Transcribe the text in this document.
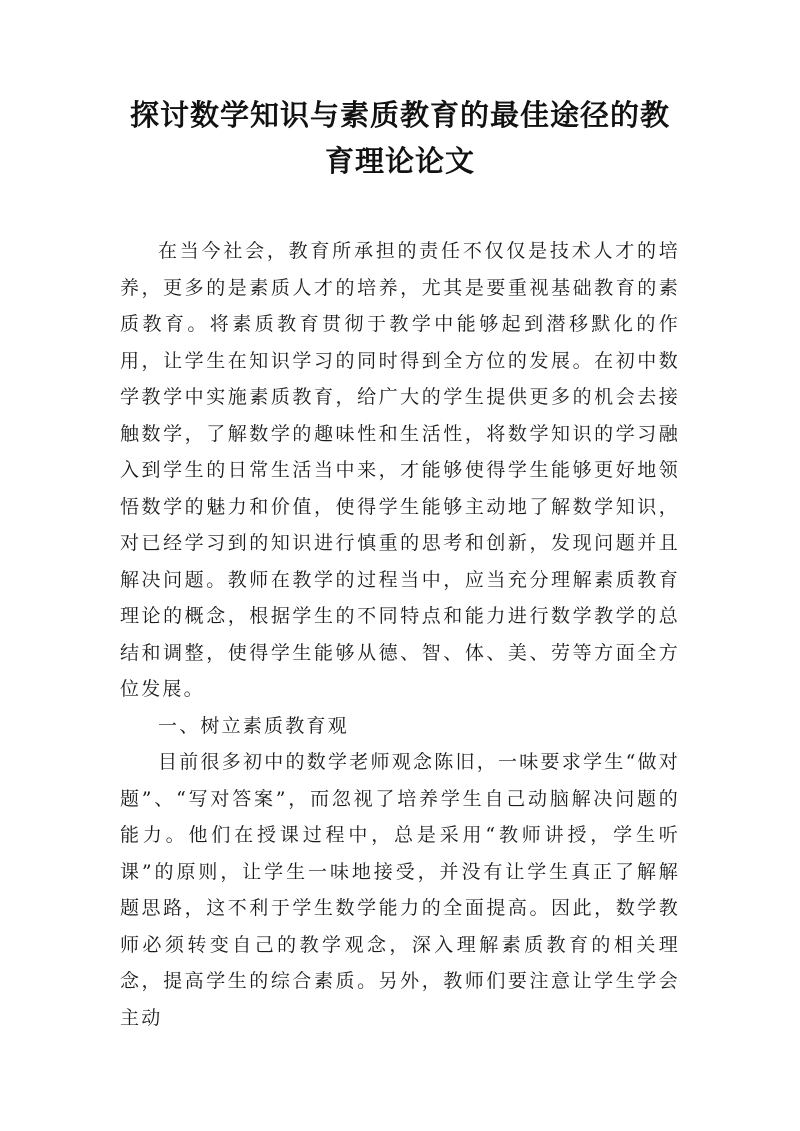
探讨数学知识与素质教育的最佳途径的教
育理论论文

在当今社会，教育所承担的责任不仅仅是技术人才的培养，更多的是素质人才的培养，尤其是要重视基础教育的素质教育。将素质教育贯彻于教学中能够起到潜移默化的作用，让学生在知识学习的同时得到全方位的发展。在初中数学教学中实施素质教育，给广大的学生提供更多的机会去接触数学，了解数学的趣味性和生活性，将数学知识的学习融入到学生的日常生活当中来，才能够使得学生能够更好地领悟数学的魅力和价值，使得学生能够主动地了解数学知识，对已经学习到的知识进行慎重的思考和创新，发现问题并且解决问题。教师在教学的过程当中，应当充分理解素质教育理论的概念，根据学生的不同特点和能力进行数学教学的总结和调整，使得学生能够从德、智、体、美、劳等方面全方位发展。

一、树立素质教育观

目前很多初中的数学老师观念陈旧，一味要求学生“做对题”、“写对答案”，而忽视了培养学生自己动脑解决问题的能力。他们在授课过程中，总是采用“教师讲授，学生听课”的原则，让学生一味地接受，并没有让学生真正了解解题思路，这不利于学生数学能力的全面提高。因此，数学教师必须转变自己的教学观念，深入理解素质教育的相关理念，提高学生的综合素质。另外，教师们要注意让学生学会主动
